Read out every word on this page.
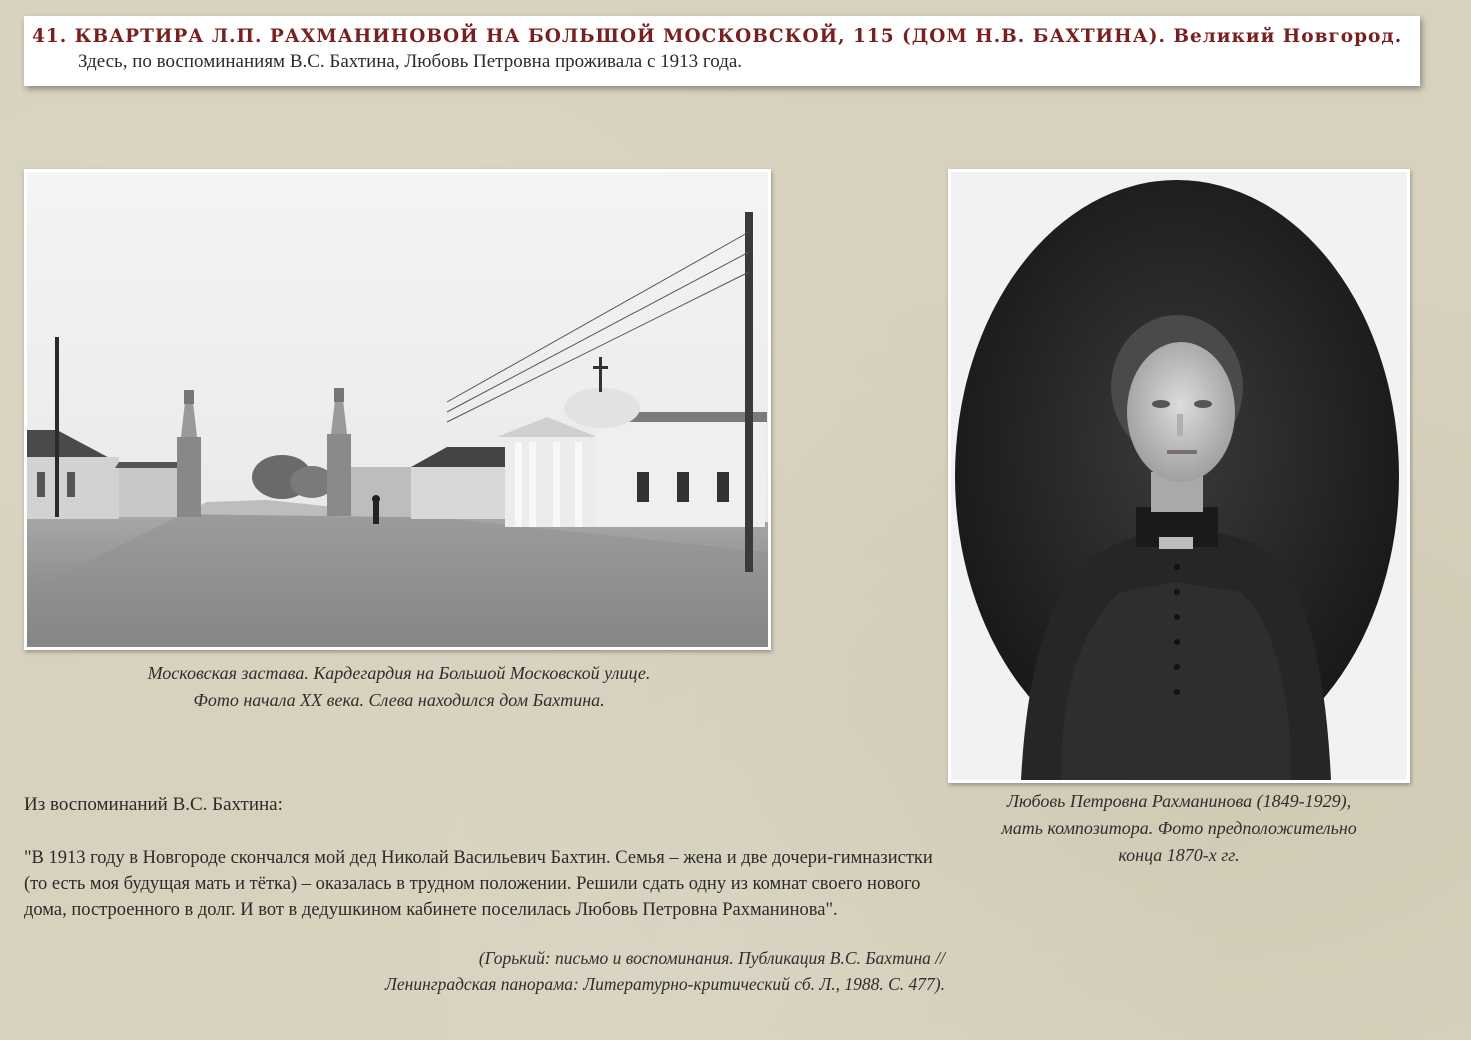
41. КВАРТИРА Л.П. РАХМАНИНОВОЙ НА БОЛЬШОЙ МОСКОВСКОЙ, 115 (ДОМ Н.В. БАХТИНА). Великий Новгород.
Здесь, по воспоминаниям В.С. Бахтина, Любовь Петровна проживала с 1913 года.
Московская застава. Кардегардия на Большой Московской улице.
Фото начала XX века. Слева находился дом Бахтина.
Любовь Петровна Рахманинова (1849-1929),
мать композитора. Фото предположительно
конца 1870-х гг.
Из воспоминаний В.С. Бахтина:
"В 1913 году в Новгороде скончался мой дед Николай Васильевич Бахтин. Семья – жена и две дочери-гимназистки (то есть моя будущая мать и тётка) – оказалась в трудном положении. Решили сдать одну из комнат своего нового дома, построенного в долг. И вот в дедушкином кабинете поселилась Любовь Петровна Рахманинова".
(Горький: письмо и воспоминания. Публикация В.С. Бахтина //
Ленинградская панорама: Литературно-критический сб. Л., 1988. С. 477).
